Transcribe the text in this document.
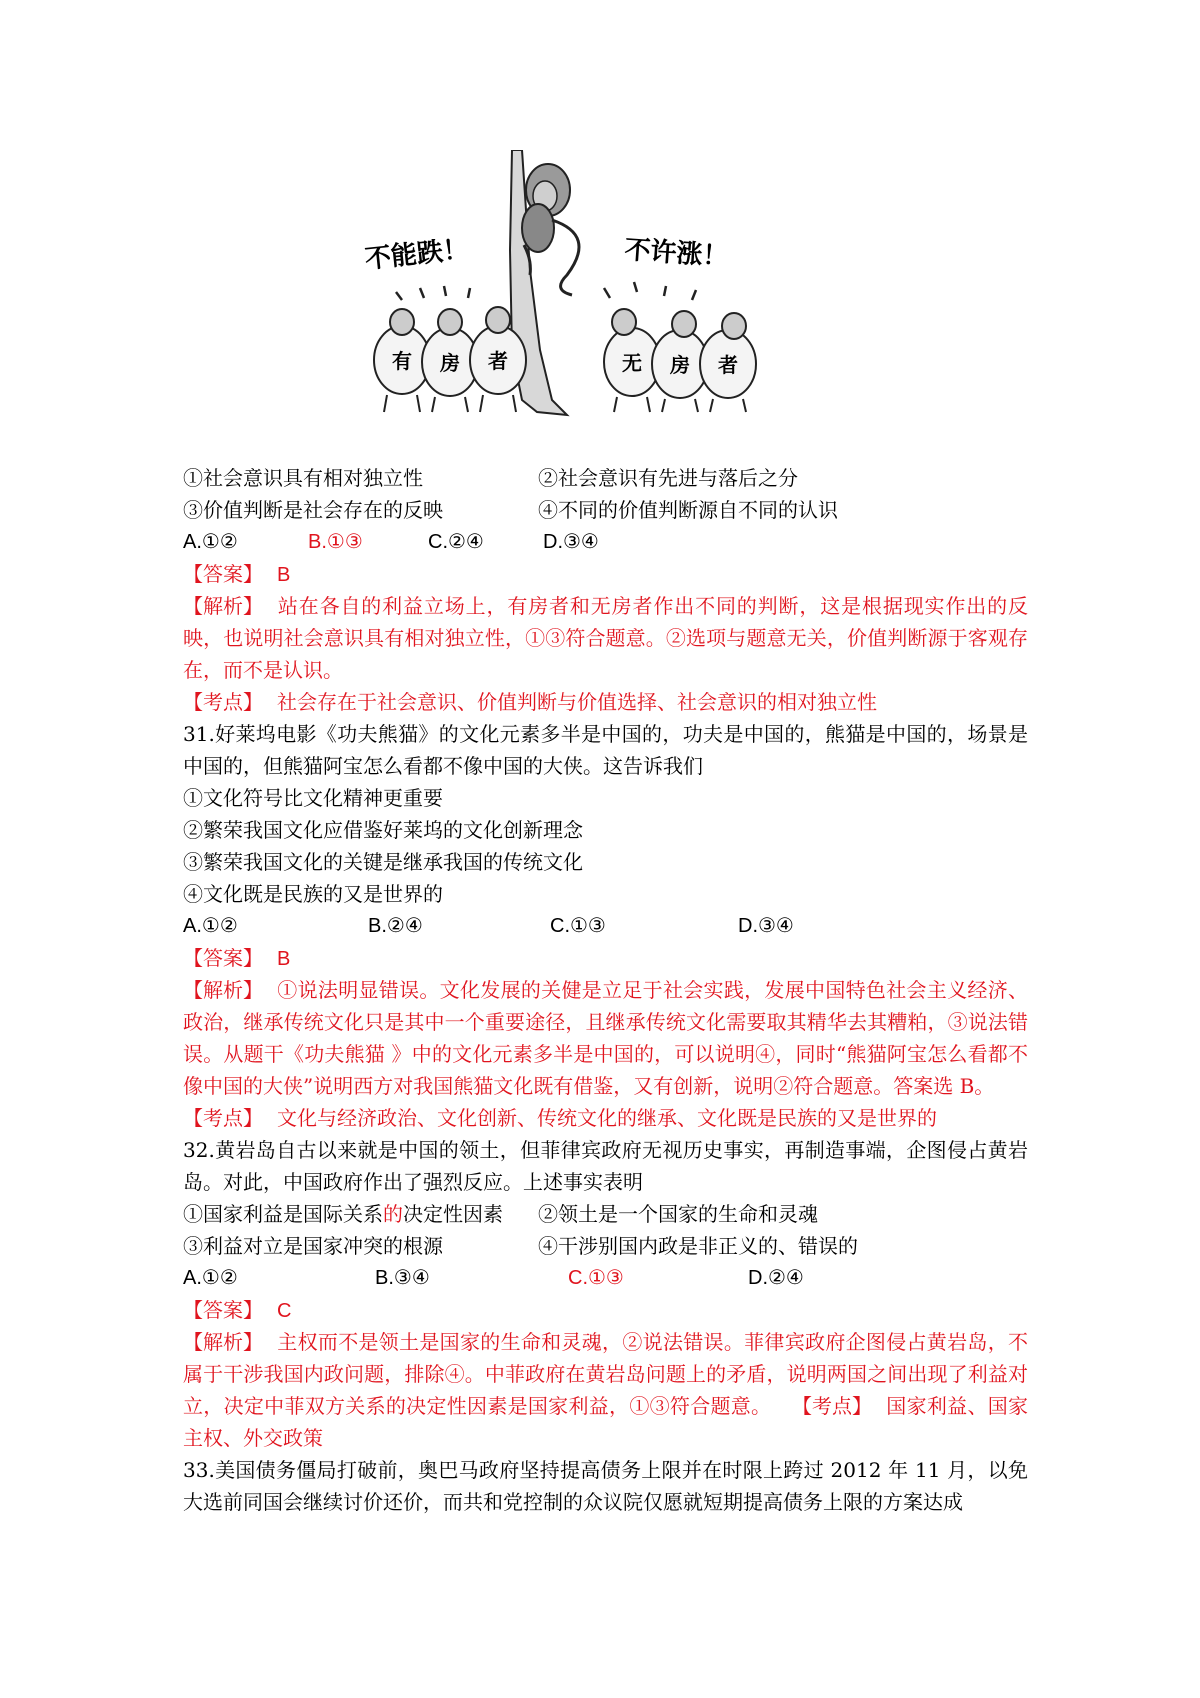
不能跌！	不许涨！
有 房 者	无 房 者
①社会意识具有相对独立性	②社会意识有先进与落后之分
③价值判断是社会存在的反映	④不同的价值判断源自不同的认识
A.①②	B.①③	C.②④	D.③④
【答案】 B
【解析】 站在各自的利益立场上，有房者和无房者作出不同的判断，这是根据现实作出的反映，也说明社会意识具有相对独立性，①③符合题意。②选项与题意无关，价值判断源于客观存在，而不是认识。
【考点】 社会存在于社会意识、价值判断与价值选择、社会意识的相对独立性
31.好莱坞电影《功夫熊猫》的文化元素多半是中国的，功夫是中国的，熊猫是中国的，场景是中国的，但熊猫阿宝怎么看都不像中国的大侠。这告诉我们
①文化符号比文化精神更重要
②繁荣我国文化应借鉴好莱坞的文化创新理念
③繁荣我国文化的关键是继承我国的传统文化
④文化既是民族的又是世界的
A.①②	B.②④	C.①③	D.③④
【答案】 B
【解析】 ①说法明显错误。文化发展的关健是立足于社会实践，发展中国特色社会主义经济、政治，继承传统文化只是其中一个重要途径，且继承传统文化需要取其精华去其糟粕，③说法错误。从题干《功夫熊猫 》中的文化元素多半是中国的，可以说明④，同时“熊猫阿宝怎么看都不像中国的大侠”说明西方对我国熊猫文化既有借鉴，又有创新，说明②符合题意。答案选 B。
【考点】 文化与经济政治、文化创新、传统文化的继承、文化既是民族的又是世界的
32.黄岩岛自古以来就是中国的领土，但菲律宾政府无视历史事实，再制造事端，企图侵占黄岩岛。对此，中国政府作出了强烈反应。上述事实表明
①国家利益是国际关系的决定性因素 ②领土是一个国家的生命和灵魂
③利益对立是国家冲突的根源	④干涉别国内政是非正义的、错误的
A.①②	B.③④	C.①③	D.②④
【答案】 C
【解析】 主权而不是领土是国家的生命和灵魂，②说法错误。菲律宾政府企图侵占黄岩岛，不属于干涉我国内政问题，排除④。中菲政府在黄岩岛问题上的矛盾，说明两国之间出现了利益对立，决定中菲双方关系的决定性因素是国家利益，①③符合题意。 【考点】 国家利益、国家主权、外交政策
33.美国债务僵局打破前，奥巴马政府坚持提高债务上限并在时限上跨过 2012 年 11 月，以免大选前同国会继续讨价还价，而共和党控制的众议院仅愿就短期提高债务上限的方案达成
